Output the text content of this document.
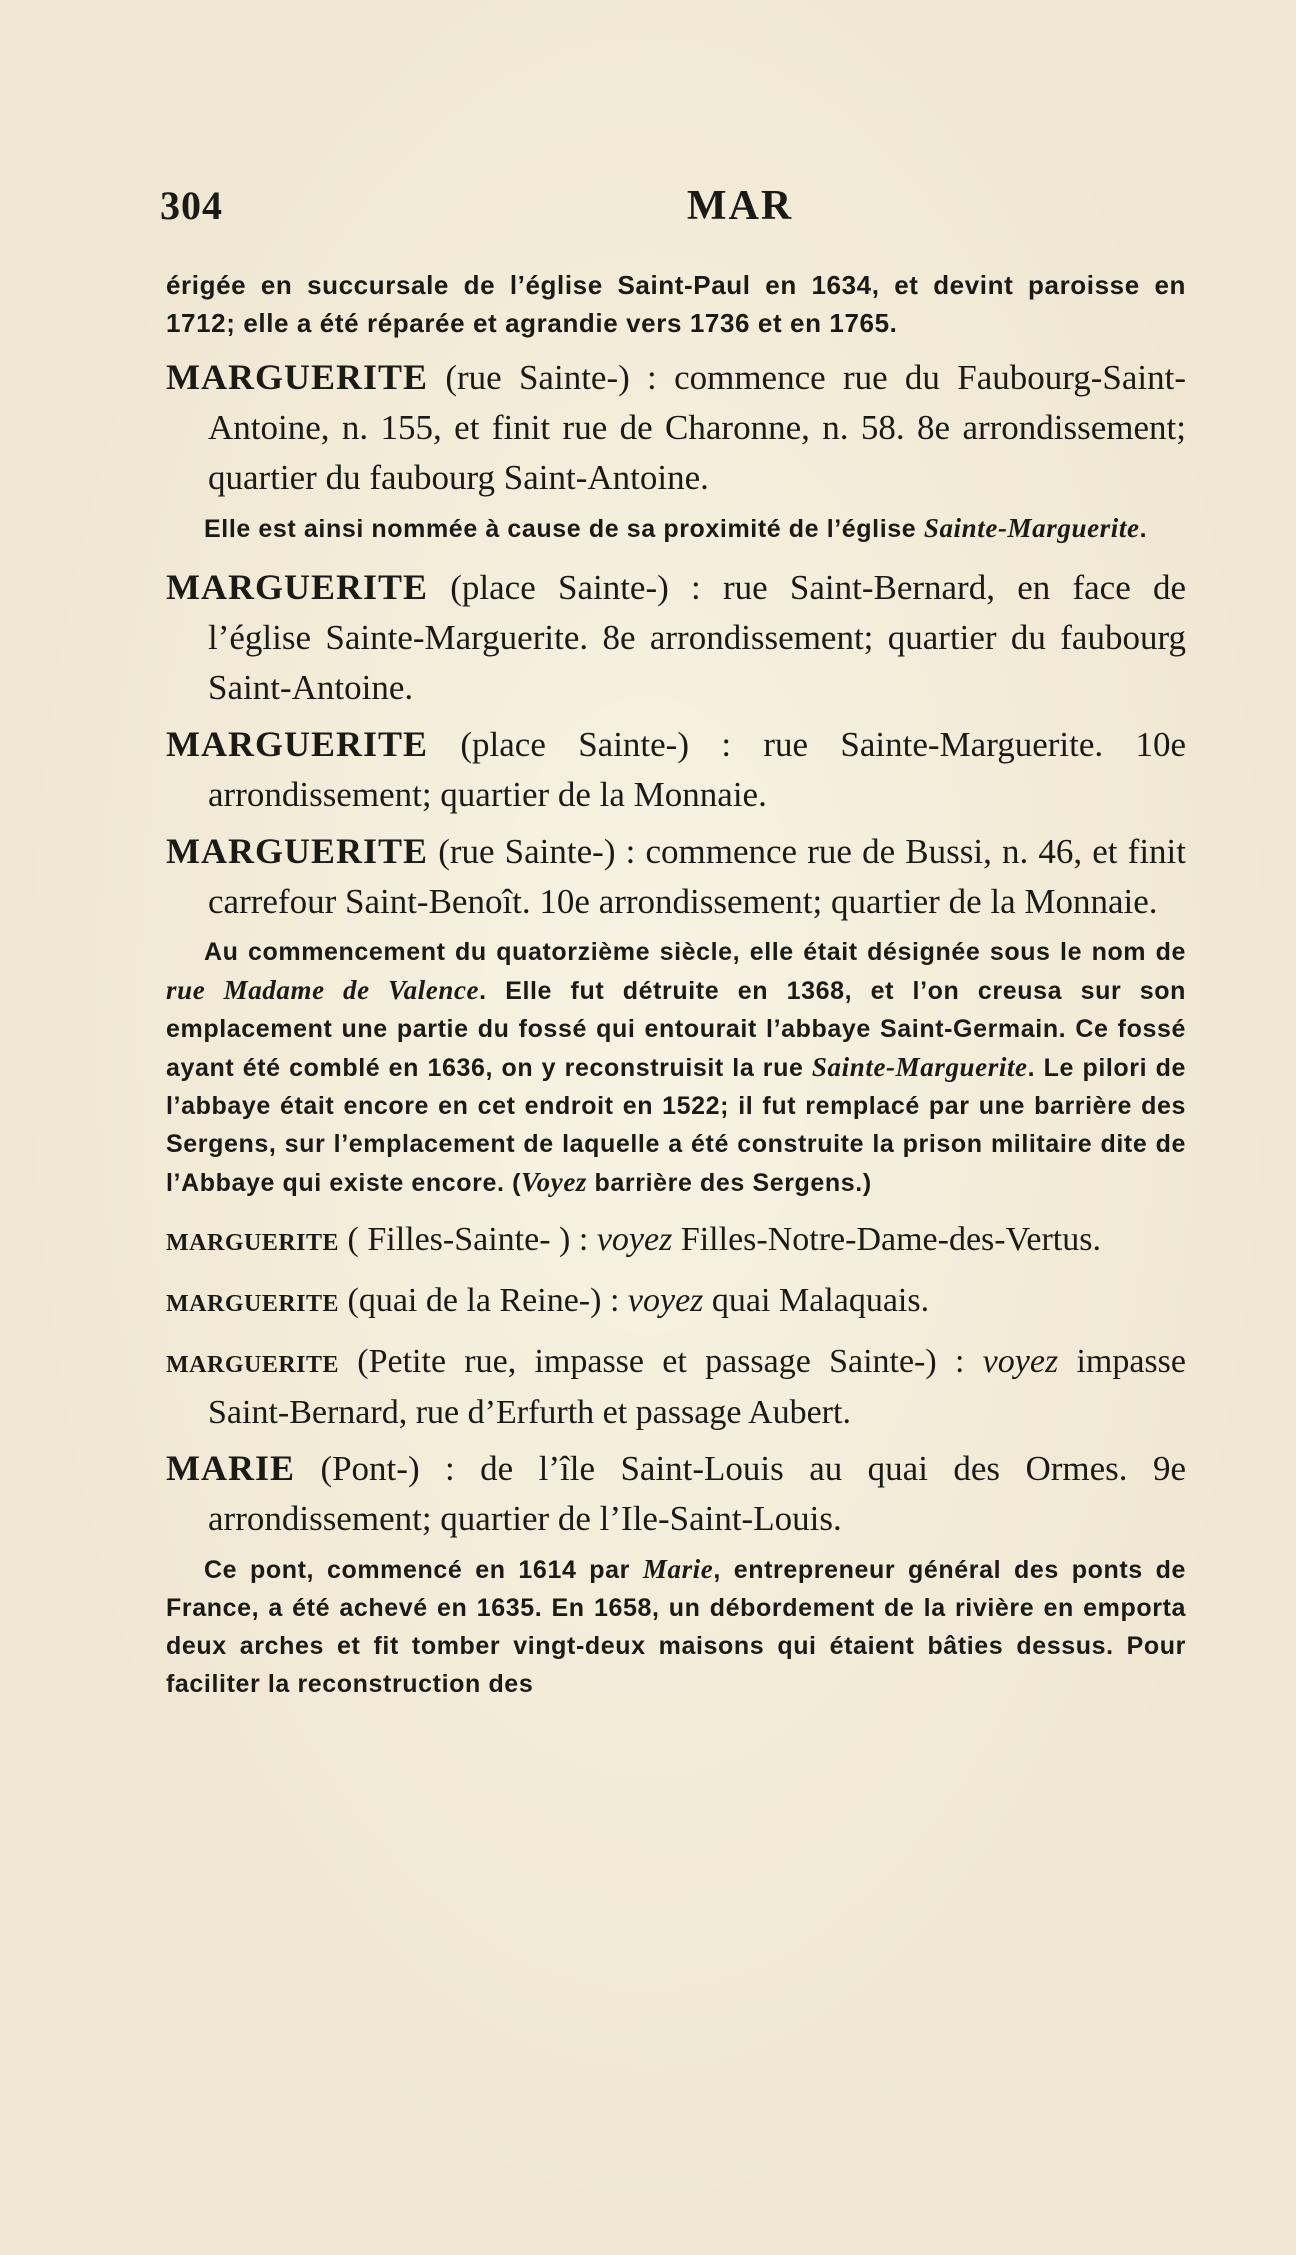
304	MAR

érigée en succursale de l’église Saint-Paul en 1634, et devint paroisse en 1712; elle a été réparée et agrandie vers 1736 et en 1765.

MARGUERITE (rue Sainte-) : commence rue du Faubourg-Saint-Antoine, n. 155, et finit rue de Charonne, n. 58. 8e arrondissement; quartier du faubourg Saint-Antoine.

Elle est ainsi nommée à cause de sa proximité de l’église Sainte-Marguerite.

MARGUERITE (place Sainte-) : rue Saint-Bernard, en face de l’église Sainte-Marguerite. 8e arrondissement; quartier du faubourg Saint-Antoine.

MARGUERITE (place Sainte-) : rue Sainte-Marguerite. 10e arrondissement; quartier de la Monnaie.

MARGUERITE (rue Sainte-) : commence rue de Bussi, n. 46, et finit carrefour Saint-Benoît. 10e arrondissement; quartier de la Monnaie.

Au commencement du quatorzième siècle, elle était désignée sous le nom de rue Madame de Valence. Elle fut détruite en 1368, et l’on creusa sur son emplacement une partie du fossé qui entourait l’abbaye Saint-Germain. Ce fossé ayant été comblé en 1636, on y reconstruisit la rue Sainte-Marguerite. Le pilori de l’abbaye était encore en cet endroit en 1522; il fut remplacé par une barrière des Sergens, sur l’emplacement de laquelle a été construite la prison militaire dite de l’Abbaye qui existe encore. (Voyez barrière des Sergens.)

MARGUERITE ( Filles-Sainte- ) : voyez Filles-Notre-Dame-des-Vertus.

MARGUERITE (quai de la Reine-) : voyez quai Malaquais.

MARGUERITE (Petite rue, impasse et passage Sainte-) : voyez impasse Saint-Bernard, rue d’Erfurth et passage Aubert.

MARIE (Pont-) : de l’île Saint-Louis au quai des Ormes. 9e arrondissement; quartier de l’Ile-Saint-Louis.

Ce pont, commencé en 1614 par Marie, entrepreneur général des ponts de France, a été achevé en 1635. En 1658, un débordement de la rivière en emporta deux arches et fit tomber vingt-deux maisons qui étaient bâties dessus. Pour faciliter la reconstruction des
